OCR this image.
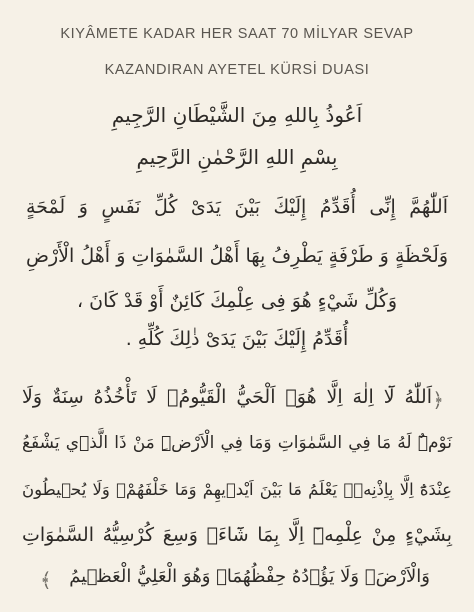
KIYÂMETE KADAR HER SAAT 70 MİLYAR SEVAP
KAZANDIRAN AYETEL KÜRSİ DUASI
اَعُوذُ بِاللهِ مِنَ الشَّيْطَانِ الرَّجِيمِ
بِسْمِ اللهِ الرَّحْمٰنِ الرَّحِيمِ
اَللّٰهُمَّ إِنِّى أُقَدِّمُ إِلَيْكَ بَيْنَ يَدَىْ كُلِّ نَفَسٍ وَ لَمْحَةٍ
وَلَحْظَةٍ وَ طَرْفَةٍ يَطْرِفُ بِهَا أَهْلُ السَّمٰوَاتِ وَ أَهْلُ الْأَرْضِ
وَكُلِّ شَيْءٍ هُوَ فِى عِلْمِكَ كَائِنٌ أَوْ قَدْ كَانَ ،
أُقَدِّمُ إِلَيْكَ بَيْنَ يَدَىْ ذٰلِكَ كُلِّهِ .
﴿
اَللّٰهُ لَٓا اِلٰهَ اِلَّا هُوَۚ اَلْحَيُّ الْقَيُّومُۚ لَا تَأْخُذُهُ سِنَةٌ وَلَا
نَوْمٌۜ لَهُ مَا فِي السَّمٰوَاتِ وَمَا فِي الْاَرْضِۜ مَنْ ذَا الَّذ۪ي يَشْفَعُ
عِنْدَهُٓ اِلَّا بِاِذْنِه۪ۜ يَعْلَمُ مَا بَيْنَ اَيْد۪يهِمْ وَمَا خَلْفَهُمْۚ وَلَا يُح۪يطُونَ
بِشَيْءٍ مِنْ عِلْمِه۪ٓ اِلَّا بِمَا شَٓاءَۚ وَسِعَ كُرْسِيُّهُ السَّمٰوَاتِ
وَالْاَرْضَۚ وَلَا يَؤُ۫دُهُ حِفْظُهُمَاۚ وَهُوَ الْعَلِيُّ الْعَظ۪يمُ
﴾
